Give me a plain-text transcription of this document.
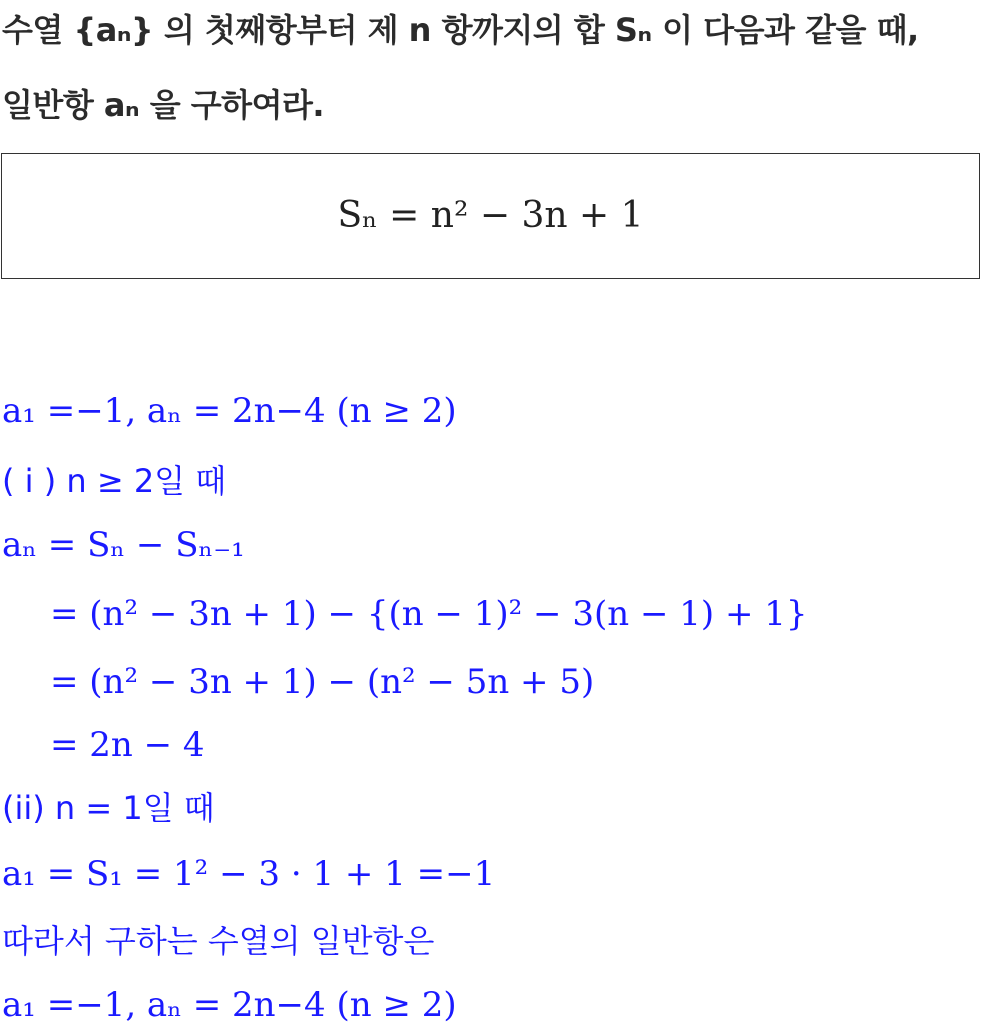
수열 {aₙ} 의 첫째항부터 제 n 항까지의 합 Sₙ 이 다음과 같을 때,
일반항 aₙ 을 구하여라.
Sₙ = n² − 3n + 1
a₁ =−1, aₙ = 2n−4 (n ≥ 2)
( i ) n ≥ 2일 때
aₙ = Sₙ − Sₙ₋₁
= (n² − 3n + 1) − {(n − 1)² − 3(n − 1) + 1}
= (n² − 3n + 1) − (n² − 5n + 5)
= 2n − 4
(ii) n = 1일 때
a₁ = S₁ = 1² − 3 · 1 + 1 =−1
따라서 구하는 수열의 일반항은
a₁ =−1, aₙ = 2n−4 (n ≥ 2)
